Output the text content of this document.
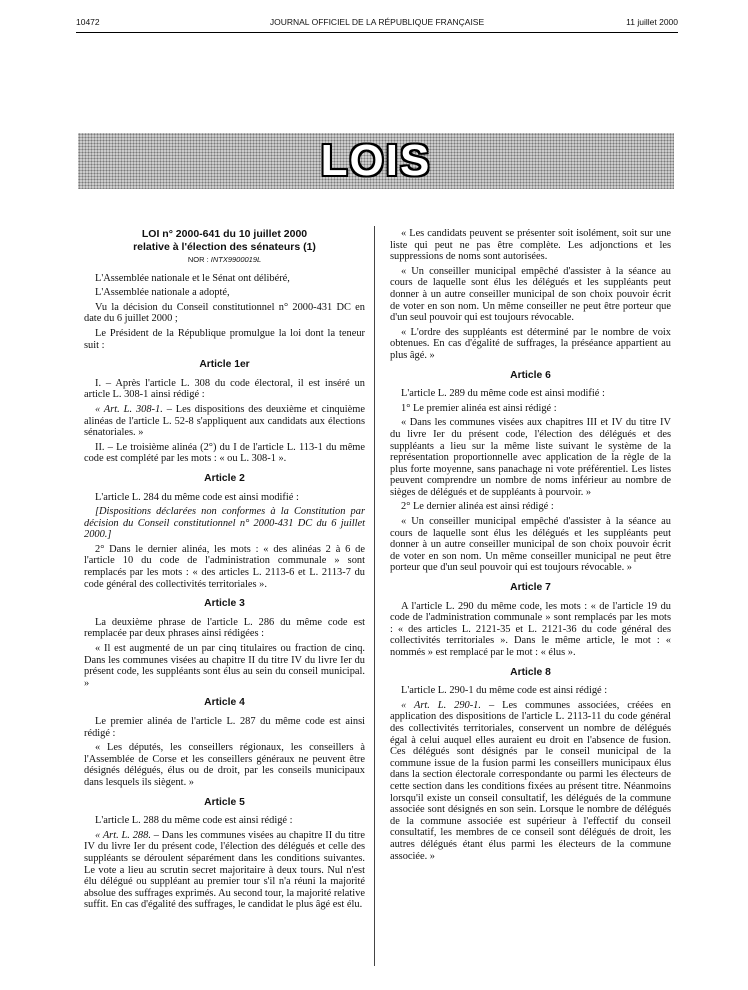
10472	JOURNAL OFFICIEL DE LA RÉPUBLIQUE FRANÇAISE	11 juillet 2000
LOIS
LOI n° 2000-641 du 10 juillet 2000
relative à l'élection des sénateurs (1)
NOR : INTX9900019L

L'Assemblée nationale et le Sénat ont délibéré,

L'Assemblée nationale a adopté,

Vu la décision du Conseil constitutionnel n° 2000-431 DC en date du 6 juillet 2000 ;

Le Président de la République promulgue la loi dont la teneur suit :

Article 1er

I. – Après l'article L. 308 du code électoral, il est inséré un article L. 308-1 ainsi rédigé :

« Art. L. 308-1. – Les dispositions des deuxième et cinquième alinéas de l'article L. 52-8 s'appliquent aux candidats aux élections sénatoriales. »

II. – Le troisième alinéa (2°) du I de l'article L. 113-1 du même code est complété par les mots : « ou L. 308-1 ».

Article 2

L'article L. 284 du même code est ainsi modifié :

[Dispositions déclarées non conformes à la Constitution par décision du Conseil constitutionnel n° 2000-431 DC du 6 juillet 2000.]

2° Dans le dernier alinéa, les mots : « des alinéas 2 à 6 de l'article 10 du code de l'administration communale » sont remplacés par les mots : « des articles L. 2113-6 et L. 2113-7 du code général des collectivités territoriales ».

Article 3

La deuxième phrase de l'article L. 286 du même code est remplacée par deux phrases ainsi rédigées :

« Il est augmenté de un par cinq titulaires ou fraction de cinq. Dans les communes visées au chapitre II du titre IV du livre Ier du présent code, les suppléants sont élus au sein du conseil municipal. »

Article 4

Le premier alinéa de l'article L. 287 du même code est ainsi rédigé :

« Les députés, les conseillers régionaux, les conseillers à l'Assemblée de Corse et les conseillers généraux ne peuvent être désignés délégués, élus ou de droit, par les conseils municipaux dans lesquels ils siègent. »

Article 5

L'article L. 288 du même code est ainsi rédigé :

« Art. L. 288. – Dans les communes visées au chapitre II du titre IV du livre Ier du présent code, l'élection des délégués et celle des suppléants se déroulent séparément dans les conditions suivantes. Le vote a lieu au scrutin secret majoritaire à deux tours. Nul n'est élu délégué ou suppléant au premier tour s'il n'a réuni la majorité absolue des suffrages exprimés. Au second tour, la majorité relative suffit. En cas d'égalité des suffrages, le candidat le plus âgé est élu.

« Les candidats peuvent se présenter soit isolément, soit sur une liste qui peut ne pas être complète. Les adjonctions et les suppressions de noms sont autorisées.

« Un conseiller municipal empêché d'assister à la séance au cours de laquelle sont élus les délégués et les suppléants peut donner à un autre conseiller municipal de son choix pouvoir écrit de voter en son nom. Un même conseiller ne peut être porteur que d'un seul pouvoir qui est toujours révocable.

« L'ordre des suppléants est déterminé par le nombre de voix obtenues. En cas d'égalité de suffrages, la préséance appartient au plus âgé. »

Article 6

L'article L. 289 du même code est ainsi modifié :

1° Le premier alinéa est ainsi rédigé :

« Dans les communes visées aux chapitres III et IV du titre IV du livre Ier du présent code, l'élection des délégués et des suppléants a lieu sur la même liste suivant le système de la représentation proportionnelle avec application de la règle de la plus forte moyenne, sans panachage ni vote préférentiel. Les listes peuvent comprendre un nombre de noms inférieur au nombre de sièges de délégués et de suppléants à pourvoir. »

2° Le dernier alinéa est ainsi rédigé :

« Un conseiller municipal empêché d'assister à la séance au cours de laquelle sont élus les délégués et les suppléants peut donner à un autre conseiller municipal de son choix pouvoir écrit de voter en son nom. Un même conseiller municipal ne peut être porteur que d'un seul pouvoir qui est toujours révocable. »

Article 7

A l'article L. 290 du même code, les mots : « de l'article 19 du code de l'administration communale » sont remplacés par les mots : « des articles L. 2121-35 et L. 2121-36 du code général des collectivités territoriales ». Dans le même article, le mot : « nommés » est remplacé par le mot : « élus ».

Article 8

L'article L. 290-1 du même code est ainsi rédigé :

« Art. L. 290-1. – Les communes associées, créées en application des dispositions de l'article L. 2113-11 du code général des collectivités territoriales, conservent un nombre de délégués égal à celui auquel elles auraient eu droit en l'absence de fusion. Ces délégués sont désignés par le conseil municipal de la commune issue de la fusion parmi les conseillers municipaux élus dans la section électorale correspondante ou parmi les électeurs de cette section dans les conditions fixées au présent titre. Néanmoins lorsqu'il existe un conseil consultatif, les délégués de la commune associée sont désignés en son sein. Lorsque le nombre de délégués de la commune associée est supérieur à l'effectif du conseil consultatif, les membres de ce conseil sont délégués de droit, les autres délégués étant élus parmi les électeurs de la commune associée. »
